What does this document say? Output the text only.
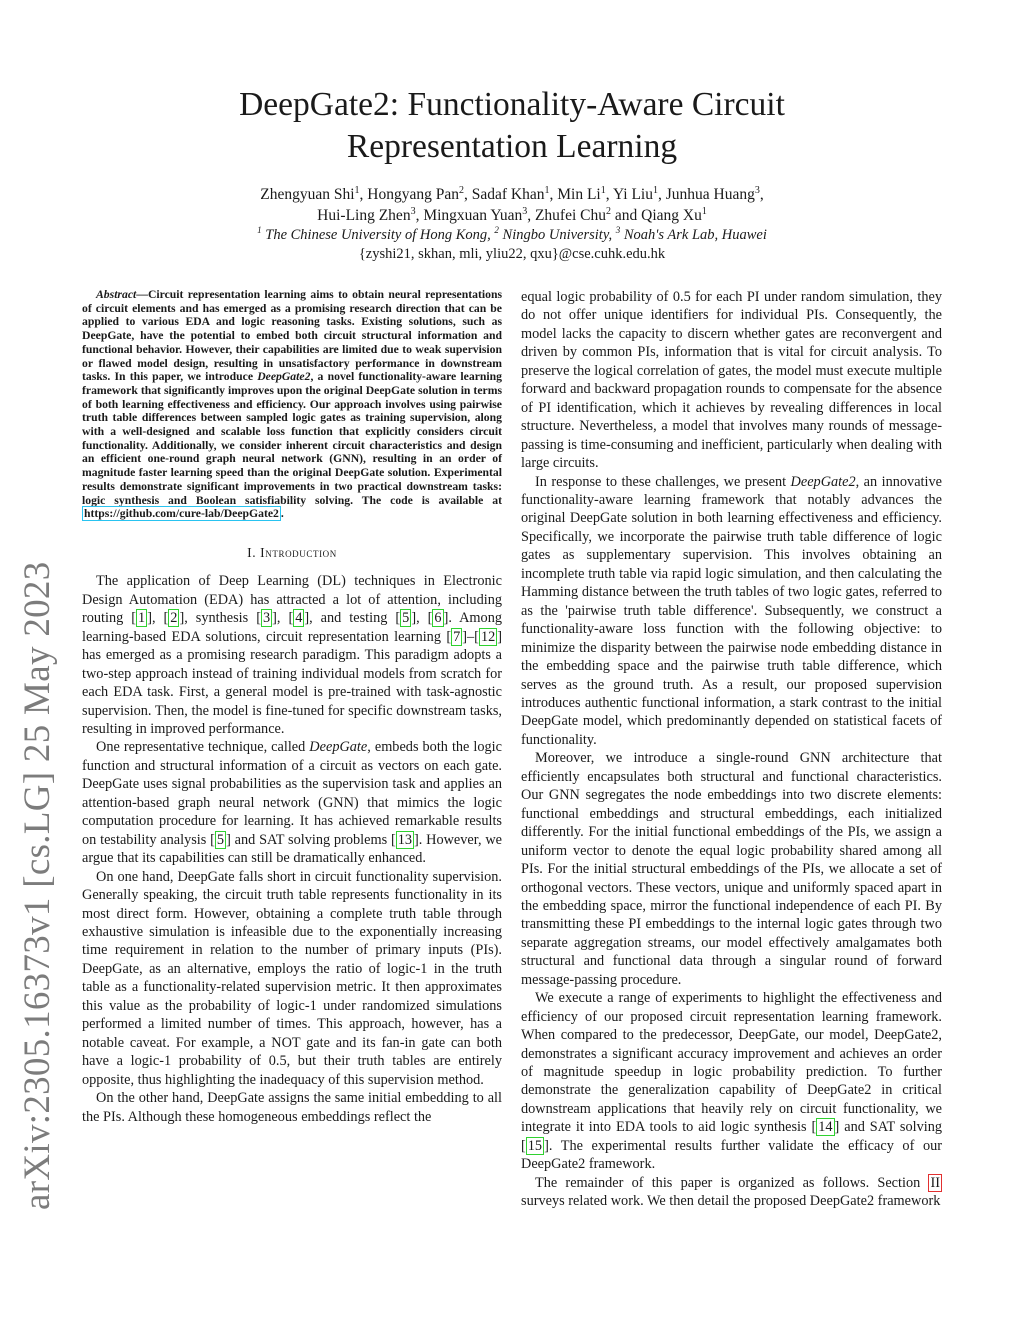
arXiv:2305.16373v1 [cs.LG] 25 May 2023
DeepGate2: Functionality-Aware Circuit
Representation Learning
Zhengyuan Shi$^1$, Hongyang Pan$^2$, Sadaf Khan$^1$, Min Li$^1$, Yi Liu$^1$, Junhua Huang$^3$,
Hui-Ling Zhen$^3$, Mingxuan Yuan$^3$, Zhufei Chu$^2$ and Qiang Xu$^1$
$^1$ The Chinese University of Hong Kong, $^2$ Ningbo University, $^3$ Noah's Ark Lab, Huawei
{zyshi21, skhan, mli, yliu22, qxu}@cse.cuhk.edu.hk

Abstract—Circuit representation learning aims to obtain neural representations of circuit elements and has emerged as a promising research direction that can be applied to various EDA and logic reasoning tasks. Existing solutions, such as DeepGate, have the potential to embed both circuit structural information and functional behavior. However, their capabilities are limited due to weak supervision or flawed model design, resulting in unsatisfactory performance in downstream tasks. In this paper, we introduce DeepGate2, a novel functionality-aware learning framework that significantly improves upon the original DeepGate solution in terms of both learning effectiveness and efficiency. Our approach involves using pairwise truth table differences between sampled logic gates as training supervision, along with a well-designed and scalable loss function that explicitly considers circuit functionality. Additionally, we consider inherent circuit characteristics and design an efficient one-round graph neural network (GNN), resulting in an order of magnitude faster learning speed than the original DeepGate solution. Experimental results demonstrate significant improvements in two practical downstream tasks: logic synthesis and Boolean satisfiability solving. The code is available at https://github.com/cure-lab/DeepGate2 .

I. Introduction

The application of Deep Learning (DL) techniques in Electronic Design Automation (EDA) has attracted a lot of attention, including routing [ 1 ], [ 2 ], synthesis [ 3 ], [ 4 ], and testing [ 5 ], [ 6 ]. Among learning-based EDA solutions, circuit representation learning [ 7 ]–[ 12 ] has emerged as a promising research paradigm. This paradigm adopts a two-step approach instead of training individual models from scratch for each EDA task. First, a general model is pre-trained with task-agnostic supervision. Then, the model is fine-tuned for specific downstream tasks, resulting in improved performance.

One representative technique, called DeepGate, embeds both the logic function and structural information of a circuit as vectors on each gate. DeepGate uses signal probabilities as the supervision task and applies an attention-based graph neural network (GNN) that mimics the logic computation procedure for learning. It has achieved remarkable results on testability analysis [ 5 ] and SAT solving problems [ 13 ]. However, we argue that its capabilities can still be dramatically enhanced.

On one hand, DeepGate falls short in circuit functionality supervision. Generally speaking, the circuit truth table represents functionality in its most direct form. However, obtaining a complete truth table through exhaustive simulation is infeasible due to the exponentially increasing time requirement in relation to the number of primary inputs (PIs). DeepGate, as an alternative, employs the ratio of logic-1 in the truth table as a functionality-related supervision metric. It then approximates this value as the probability of logic-1 under randomized simulations performed a limited number of times. This approach, however, has a notable caveat. For example, a NOT gate and its fan-in gate can both have a logic-1 probability of 0.5, but their truth tables are entirely opposite, thus highlighting the inadequacy of this supervision method.

On the other hand, DeepGate assigns the same initial embedding to all the PIs. Although these homogeneous embeddings reflect the

equal logic probability of 0.5 for each PI under random simulation, they do not offer unique identifiers for individual PIs. Consequently, the model lacks the capacity to discern whether gates are reconvergent and driven by common PIs, information that is vital for circuit analysis. To preserve the logical correlation of gates, the model must execute multiple forward and backward propagation rounds to compensate for the absence of PI identification, which it achieves by revealing differences in local structure. Nevertheless, a model that involves many rounds of message-passing is time-consuming and inefficient, particularly when dealing with large circuits.

In response to these challenges, we present DeepGate2, an innovative functionality-aware learning framework that notably advances the original DeepGate solution in both learning effectiveness and efficiency. Specifically, we incorporate the pairwise truth table difference of logic gates as supplementary supervision. This involves obtaining an incomplete truth table via rapid logic simulation, and then calculating the Hamming distance between the truth tables of two logic gates, referred to as the 'pairwise truth table difference'. Subsequently, we construct a functionality-aware loss function with the following objective: to minimize the disparity between the pairwise node embedding distance in the embedding space and the pairwise truth table difference, which serves as the ground truth. As a result, our proposed supervision introduces authentic functional information, a stark contrast to the initial DeepGate model, which predominantly depended on statistical facets of functionality.

Moreover, we introduce a single-round GNN architecture that efficiently encapsulates both structural and functional characteristics. Our GNN segregates the node embeddings into two discrete elements: functional embeddings and structural embeddings, each initialized differently. For the initial functional embeddings of the PIs, we assign a uniform vector to denote the equal logic probability shared among all PIs. For the initial structural embeddings of the PIs, we allocate a set of orthogonal vectors. These vectors, unique and uniformly spaced apart in the embedding space, mirror the functional independence of each PI. By transmitting these PI embeddings to the internal logic gates through two separate aggregation streams, our model effectively amalgamates both structural and functional data through a singular round of forward message-passing procedure.

We execute a range of experiments to highlight the effectiveness and efficiency of our proposed circuit representation learning framework. When compared to the predecessor, DeepGate, our model, DeepGate2, demonstrates a significant accuracy improvement and achieves an order of magnitude speedup in logic probability prediction. To further demonstrate the generalization capability of DeepGate2 in critical downstream applications that heavily rely on circuit functionality, we integrate it into EDA tools to aid logic synthesis [ 14 ] and SAT solving [ 15 ]. The experimental results further validate the efficacy of our DeepGate2 framework.

The remainder of this paper is organized as follows. Section II surveys related work. We then detail the proposed DeepGate2 framework
